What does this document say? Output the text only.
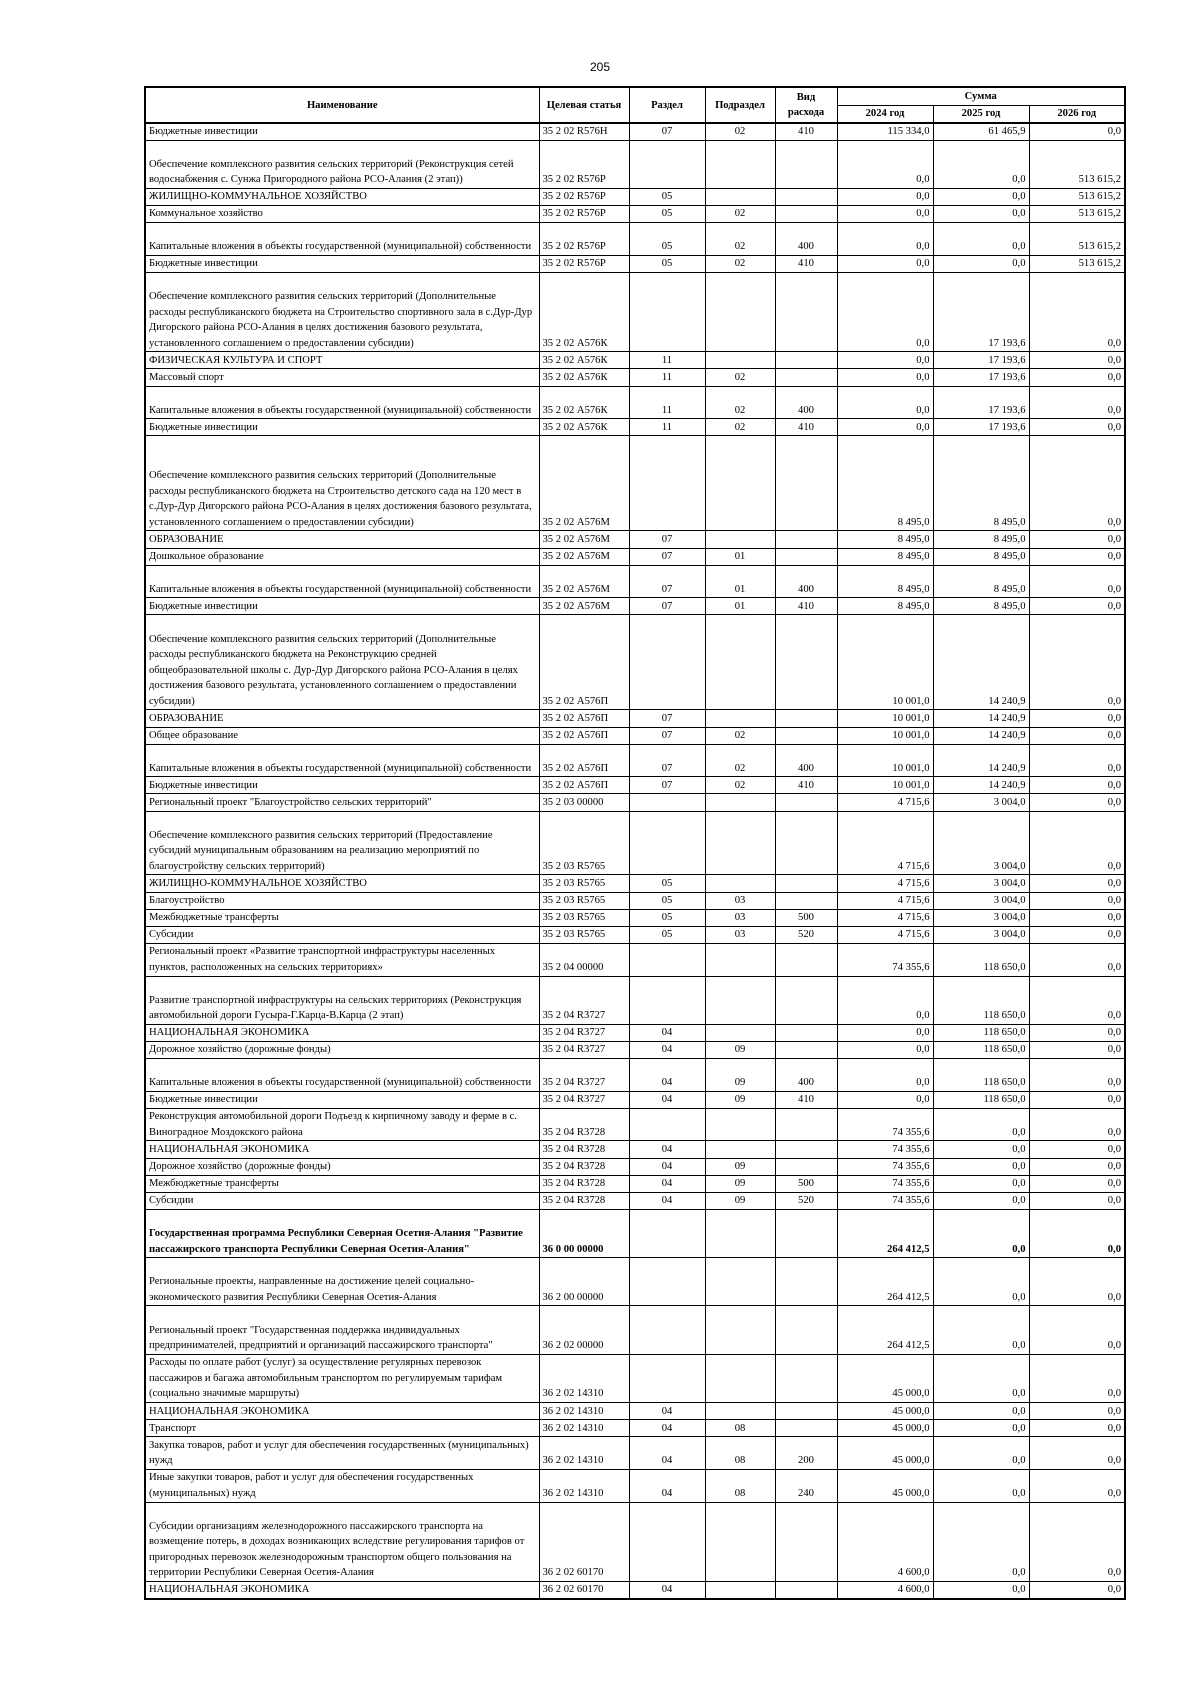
205
Наименование	Целевая статья	Раздел	Подраздел	Вид расхода	Сумма		
					2024 год	2025 год	2026 год
Бюджетные инвестиции	35 2 02 R576Н	07	02	410	115 334,0	61 465,9	0,0
Обеспечение комплексного развития сельских территорий (Реконструкция сетей водоснабжения с. Сунжа Пригородного района РСО-Алания (2 этап))	35 2 02 R576Р				0,0	0,0	513 615,2
ЖИЛИЩНО-КОММУНАЛЬНОЕ ХОЗЯЙСТВО	35 2 02 R576Р	05			0,0	0,0	513 615,2
Коммунальное хозяйство	35 2 02 R576Р	05	02		0,0	0,0	513 615,2
Капитальные вложения в объекты государственной (муниципальной) собственности	35 2 02 R576Р	05	02	400	0,0	0,0	513 615,2
Бюджетные инвестиции	35 2 02 R576Р	05	02	410	0,0	0,0	513 615,2
Обеспечение комплексного развития сельских территорий (Дополнительные расходы республиканского бюджета на Строительство спортивного зала в с.Дур-Дур Дигорского района РСО-Алания в целях достижения базового результата, установленного соглашением о предоставлении субсидии)	35 2 02 А576К				0,0	17 193,6	0,0
ФИЗИЧЕСКАЯ КУЛЬТУРА И СПОРТ	35 2 02 А576К	11			0,0	17 193,6	0,0
Массовый спорт	35 2 02 А576К	11	02		0,0	17 193,6	0,0
Капитальные вложения в объекты государственной (муниципальной) собственности	35 2 02 А576К	11	02	400	0,0	17 193,6	0,0
Бюджетные инвестиции	35 2 02 А576К	11	02	410	0,0	17 193,6	0,0
Обеспечение комплексного развития сельских территорий (Дополнительные расходы республиканского бюджета на Строительство детского сада на 120 мест в с.Дур-Дур Дигорского района РСО-Алания в целях достижения базового результата, установленного соглашением о предоставлении субсидии)	35 2 02 А576М				8 495,0	8 495,0	0,0
ОБРАЗОВАНИЕ	35 2 02 А576М	07			8 495,0	8 495,0	0,0
Дошкольное образование	35 2 02 А576М	07	01		8 495,0	8 495,0	0,0
Капитальные вложения в объекты государственной (муниципальной) собственности	35 2 02 А576М	07	01	400	8 495,0	8 495,0	0,0
Бюджетные инвестиции	35 2 02 А576М	07	01	410	8 495,0	8 495,0	0,0
Обеспечение комплексного развития сельских территорий (Дополнительные расходы республиканского бюджета на Реконструкцию средней общеобразовательной школы с. Дур-Дур Дигорского района РСО-Алания в целях достижения базового результата, установленного соглашением о предоставлении субсидии)	35 2 02 А576П				10 001,0	14 240,9	0,0
ОБРАЗОВАНИЕ	35 2 02 А576П	07			10 001,0	14 240,9	0,0
Общее образование	35 2 02 А576П	07	02		10 001,0	14 240,9	0,0
Капитальные вложения в объекты государственной (муниципальной) собственности	35 2 02 А576П	07	02	400	10 001,0	14 240,9	0,0
Бюджетные инвестиции	35 2 02 А576П	07	02	410	10 001,0	14 240,9	0,0
Региональный проект "Благоустройство сельских территорий"	35 2 03 00000				4 715,6	3 004,0	0,0
Обеспечение комплексного развития сельских территорий (Предоставление субсидий муниципальным образованиям на реализацию мероприятий по благоустройству сельских территорий)	35 2 03 R5765				4 715,6	3 004,0	0,0
ЖИЛИЩНО-КОММУНАЛЬНОЕ ХОЗЯЙСТВО	35 2 03 R5765	05			4 715,6	3 004,0	0,0
Благоустройство	35 2 03 R5765	05	03		4 715,6	3 004,0	0,0
Межбюджетные трансферты	35 2 03 R5765	05	03	500	4 715,6	3 004,0	0,0
Субсидии	35 2 03 R5765	05	03	520	4 715,6	3 004,0	0,0
Региональный проект «Развитие транспортной инфраструктуры населенных пунктов, расположенных на сельских территориях»	35 2 04 00000				74 355,6	118 650,0	0,0
Развитие транспортной инфраструктуры на сельских территориях (Реконструкция автомобильной дороги Гусыра-Г.Карца-В.Карца (2 этап)	35 2 04 R3727				0,0	118 650,0	0,0
НАЦИОНАЛЬНАЯ ЭКОНОМИКА	35 2 04 R3727	04			0,0	118 650,0	0,0
Дорожное хозяйство (дорожные фонды)	35 2 04 R3727	04	09		0,0	118 650,0	0,0
Капитальные вложения в объекты государственной (муниципальной) собственности	35 2 04 R3727	04	09	400	0,0	118 650,0	0,0
Бюджетные инвестиции	35 2 04 R3727	04	09	410	0,0	118 650,0	0,0
Реконструкция автомобильной дороги Подъезд к кирпичному заводу и ферме в с. Виноградное Моздокского района	35 2 04 R3728				74 355,6	0,0	0,0
НАЦИОНАЛЬНАЯ ЭКОНОМИКА	35 2 04 R3728	04			74 355,6	0,0	0,0
Дорожное хозяйство (дорожные фонды)	35 2 04 R3728	04	09		74 355,6	0,0	0,0
Межбюджетные трансферты	35 2 04 R3728	04	09	500	74 355,6	0,0	0,0
Субсидии	35 2 04 R3728	04	09	520	74 355,6	0,0	0,0
Государственная программа Республики Северная Осетия-Алания "Развитие пассажирского транспорта Республики Северная Осетия-Алания"	36 0 00 00000				264 412,5	0,0	0,0
Региональные проекты, направленные на достижение целей социально-экономического развития Республики Северная Осетия-Алания	36 2 00 00000				264 412,5	0,0	0,0
Региональный проект "Государственная поддержка индивидуальных предпринимателей, предприятий и организаций пассажирского транспорта"	36 2 02 00000				264 412,5	0,0	0,0
Расходы по оплате работ (услуг) за осуществление регулярных перевозок пассажиров и багажа автомобильным транспортом по регулируемым тарифам (социально значимые маршруты)	36 2 02 14310				45 000,0	0,0	0,0
НАЦИОНАЛЬНАЯ ЭКОНОМИКА	36 2 02 14310	04			45 000,0	0,0	0,0
Транспорт	36 2 02 14310	04	08		45 000,0	0,0	0,0
Закупка товаров, работ и услуг для обеспечения государственных (муниципальных) нужд	36 2 02 14310	04	08	200	45 000,0	0,0	0,0
Иные закупки товаров, работ и услуг для обеспечения государственных (муниципальных) нужд	36 2 02 14310	04	08	240	45 000,0	0,0	0,0
Субсидии организациям железнодорожного пассажирского транспорта на возмещение потерь, в доходах возникающих вследствие регулирования тарифов от пригородных перевозок железнодорожным транспортом общего пользования на территории Республики Северная Осетия-Алания	36 2 02 60170				4 600,0	0,0	0,0
НАЦИОНАЛЬНАЯ ЭКОНОМИКА	36 2 02 60170	04			4 600,0	0,0	0,0
